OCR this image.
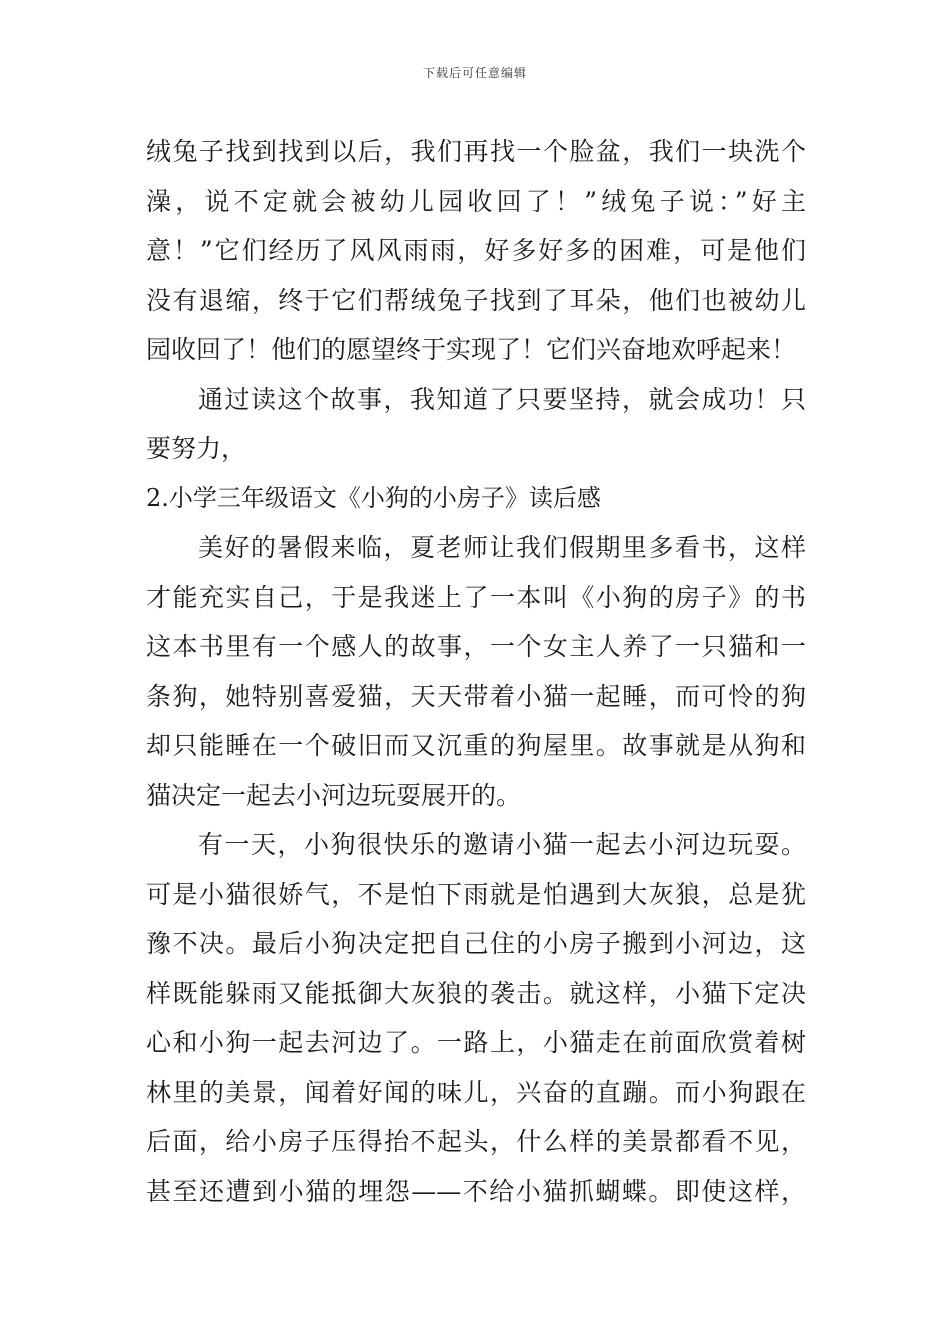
下载后可任意编辑
绒兔子找到找到以后，我们再找一个脸盆，我们一块洗个
澡，说不定就会被幼儿园收回了！”绒兔子说：”好主
意！”它们经历了风风雨雨，好多好多的困难，可是他们
没有退缩，终于它们帮绒兔子找到了耳朵，他们也被幼儿
园收回了！他们的愿望终于实现了！它们兴奋地欢呼起来！
通过读这个故事，我知道了只要坚持，就会成功！只
要努力，
2.小学三年级语文《小狗的小房子》读后感
美好的暑假来临，夏老师让我们假期里多看书，这样
才能充实自己，于是我迷上了一本叫《小狗的房子》的书
这本书里有一个感人的故事，一个女主人养了一只猫和一
条狗，她特别喜爱猫，天天带着小猫一起睡，而可怜的狗
却只能睡在一个破旧而又沉重的狗屋里。故事就是从狗和
猫决定一起去小河边玩耍展开的。
有一天，小狗很快乐的邀请小猫一起去小河边玩耍。
可是小猫很娇气，不是怕下雨就是怕遇到大灰狼，总是犹
豫不决。最后小狗决定把自己住的小房子搬到小河边，这
样既能躲雨又能抵御大灰狼的袭击。就这样，小猫下定决
心和小狗一起去河边了。一路上，小猫走在前面欣赏着树
林里的美景，闻着好闻的味儿，兴奋的直蹦。而小狗跟在
后面，给小房子压得抬不起头，什么样的美景都看不见，
甚至还遭到小猫的埋怨——不给小猫抓蝴蝶。即使这样，
